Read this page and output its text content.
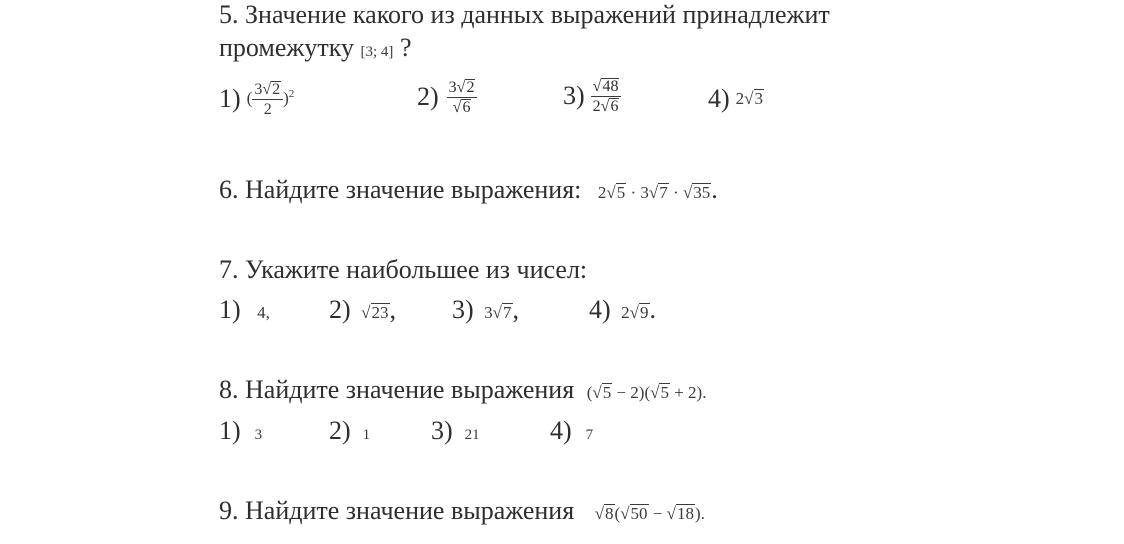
5. Значение какого из данных выражений принадлежит
промежутку [3; 4] ?
1) ( $\frac{3√2}{2} )^2$	$2) \frac{3√2}{√6}$	$3) \frac{√48}{2√6}$	4) 2√3
6. Найдите значение выражения: 2√5 · 3√7 · √35.
7. Укажите наибольшее из чисел:
1) 4, 2) √23, 3) 3√7,	4) 2√9.
8. Найдите значение выражения (√5 − 2)(√5 + 2).
1) 3	2) 1 3) 21	4) 7
9. Найдите значение выражения √8(√50 − √18).
